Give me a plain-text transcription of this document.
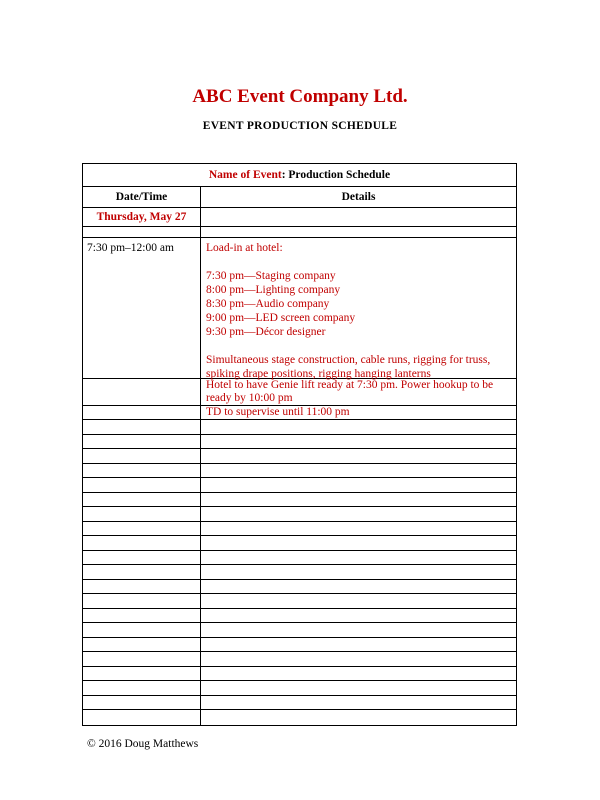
ABC Event Company Ltd.
EVENT PRODUCTION SCHEDULE
Name of Event: Production Schedule
Date/Time	Details
Thursday, May 27
7:30 pm–12:00 am	Load-in at hotel:
7:30 pm—Staging company
8:00 pm—Lighting company
8:30 pm—Audio company
9:00 pm—LED screen company
9:30 pm—Décor designer
Simultaneous stage construction, cable runs, rigging for truss,
spiking drape positions, rigging hanging lanterns
Hotel to have Genie lift ready at 7:30 pm. Power hookup to be
ready by 10:00 pm
TD to supervise until 11:00 pm
© 2016 Doug Matthews
